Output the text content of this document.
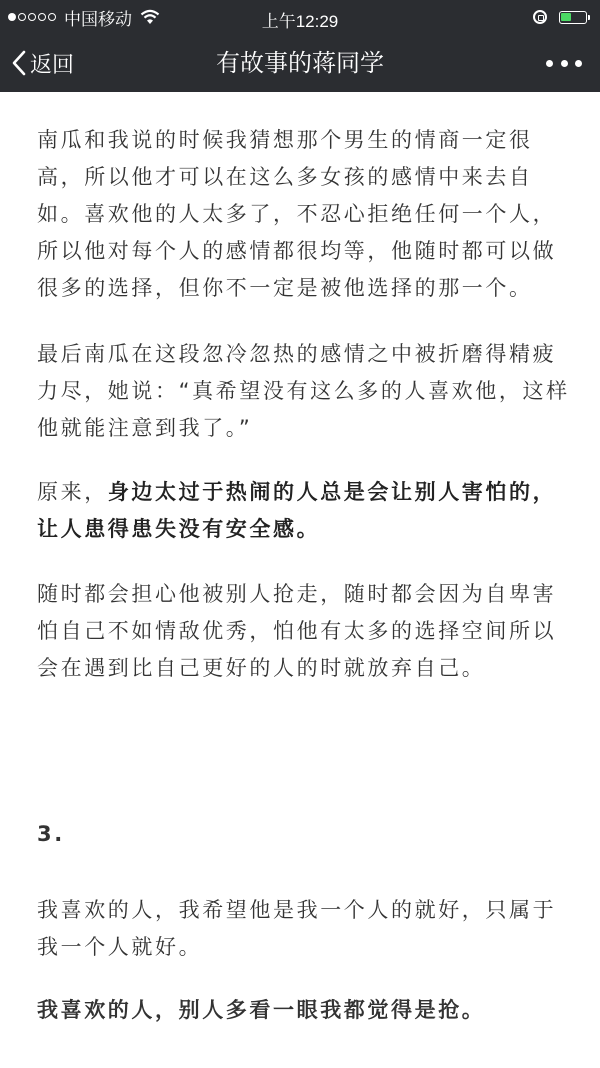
中国移动	上午12:29
返回	有故事的蒋同学

南瓜和我说的时候我猜想那个男生的情商一定很高，所以他才可以在这么多女孩的感情中来去自如。喜欢他的人太多了，不忍心拒绝任何一个人，所以他对每个人的感情都很均等，他随时都可以做很多的选择，但你不一定是被他选择的那一个。

最后南瓜在这段忽冷忽热的感情之中被折磨得精疲力尽，她说：“真希望没有这么多的人喜欢他，这样他就能注意到我了。”

原来，身边太过于热闹的人总是会让别人害怕的，让人患得患失没有安全感。

随时都会担心他被别人抢走，随时都会因为自卑害怕自己不如情敌优秀，怕他有太多的选择空间所以会在遇到比自己更好的人的时就放弃自己。

3.

我喜欢的人，我希望他是我一个人的就好，只属于我一个人就好。

我喜欢的人，别人多看一眼我都觉得是抢。
